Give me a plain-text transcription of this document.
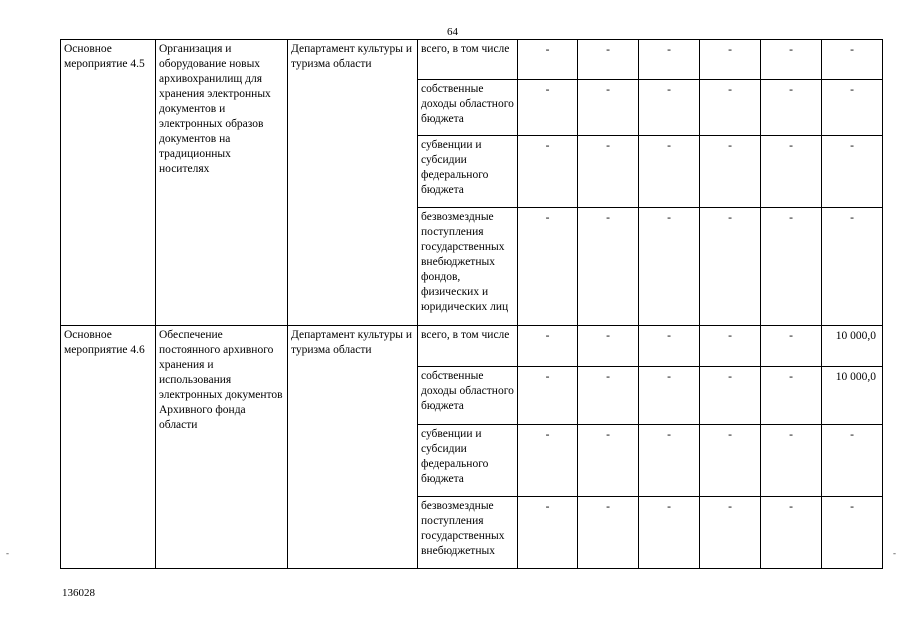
64
Основное мероприятие 4.5	Организация и оборудование новых архивохранилищ для хранения электронных документов и электронных образов документов на традиционных носителях	Департамент культуры и туризма области	всего, в том числе	-	-	-	-	-	-
			собственные доходы областного бюджета	-	-	-	-	-	-
			субвенции и субсидии федерального бюджета	-	-	-	-	-	-
			безвозмездные поступления государственных внебюджетных фондов, физических и юридических лиц	-	-	-	-	-	-
Основное мероприятие 4.6	Обеспечение постоянного архивного хранения и использования электронных документов Архивного фонда области	Департамент культуры и туризма области	всего, в том числе	-	-	-	-	-	10 000,0
			собственные доходы областного бюджета	-	-	-	-	-	10 000,0
			субвенции и субсидии федерального бюджета	-	-	-	-	-	-
			безвозмездные поступления государственных внебюджетных	-	-	-	-	-	-
-	-
136028
